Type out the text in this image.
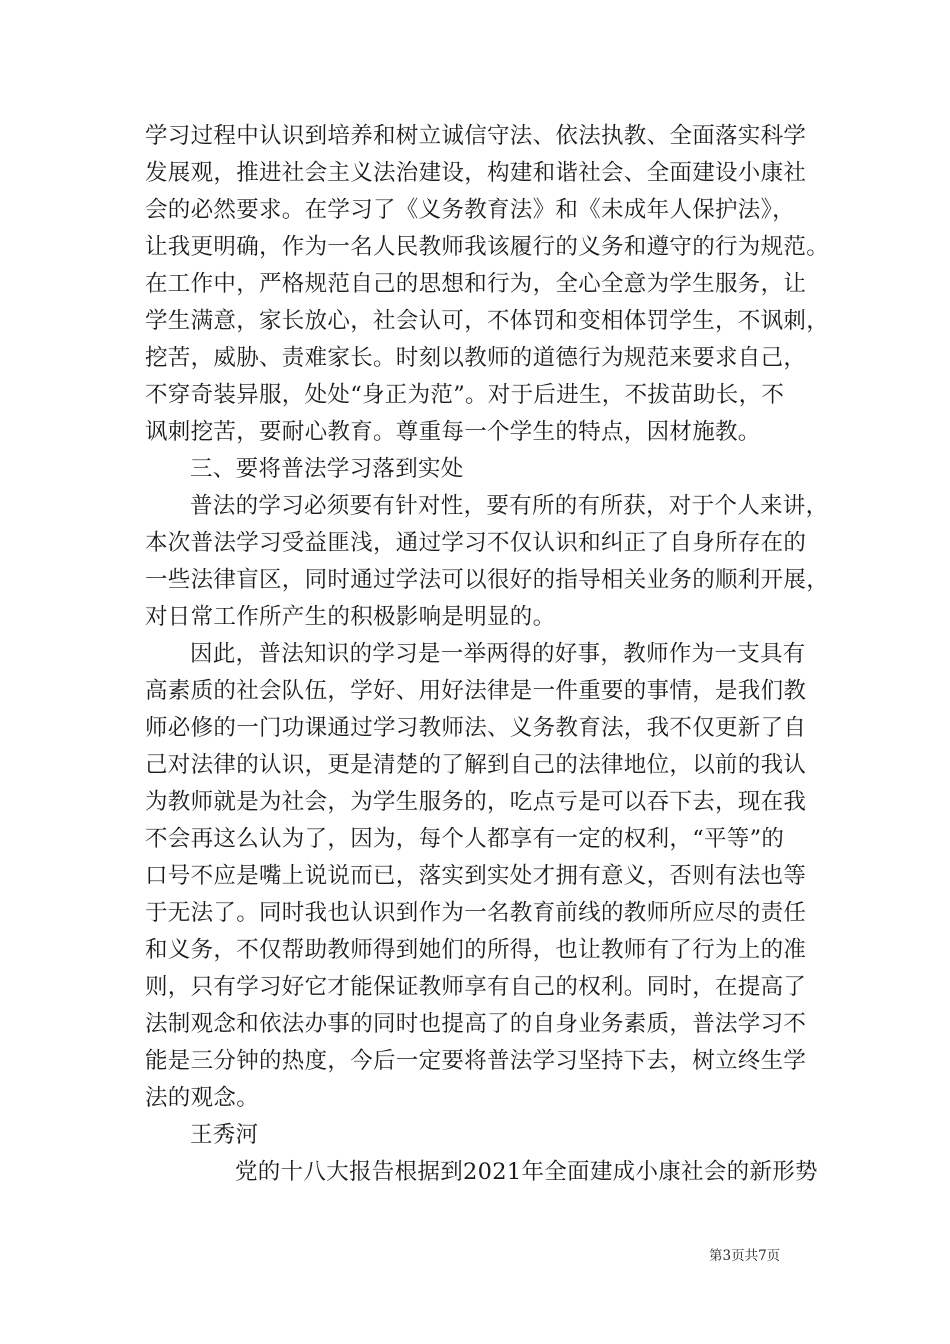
学习过程中认识到培养和树立诚信守法、依法执教、全面落实科学
发展观，推进社会主义法治建设，构建和谐社会、全面建设小康社
会的必然要求。在学习了《义务教育法》和《未成年人保护法》，
让我更明确，作为一名人民教师我该履行的义务和遵守的行为规范。
在工作中，严格规范自己的思想和行为，全心全意为学生服务，让
学生满意，家长放心，社会认可，不体罚和变相体罚学生，不讽刺，
挖苦，威胁、责难家长。时刻以教师的道德行为规范来要求自己，
不穿奇装异服，处处“身正为范”。对于后进生，不拔苗助长，不
讽刺挖苦，要耐心教育。尊重每一个学生的特点，因材施教。
三、要将普法学习落到实处
普法的学习必须要有针对性，要有所的有所获，对于个人来讲，
本次普法学习受益匪浅，通过学习不仅认识和纠正了自身所存在的
一些法律盲区，同时通过学法可以很好的指导相关业务的顺利开展，
对日常工作所产生的积极影响是明显的。
因此，普法知识的学习是一举两得的好事，教师作为一支具有
高素质的社会队伍，学好、用好法律是一件重要的事情，是我们教
师必修的一门功课通过学习教师法、义务教育法，我不仅更新了自
己对法律的认识，更是清楚的了解到自己的法律地位，以前的我认
为教师就是为社会，为学生服务的，吃点亏是可以吞下去，现在我
不会再这么认为了，因为，每个人都享有一定的权利，“平等”的
口号不应是嘴上说说而已，落实到实处才拥有意义，否则有法也等
于无法了。同时我也认识到作为一名教育前线的教师所应尽的责任
和义务，不仅帮助教师得到她们的所得，也让教师有了行为上的准
则，只有学习好它才能保证教师享有自己的权利。同时，在提高了
法制观念和依法办事的同时也提高了的自身业务素质，普法学习不
能是三分钟的热度，今后一定要将普法学习坚持下去，树立终生学
法的观念。
王秀河
党的十八大报告根据到2021年全面建成小康社会的新形势
第3页共7页
